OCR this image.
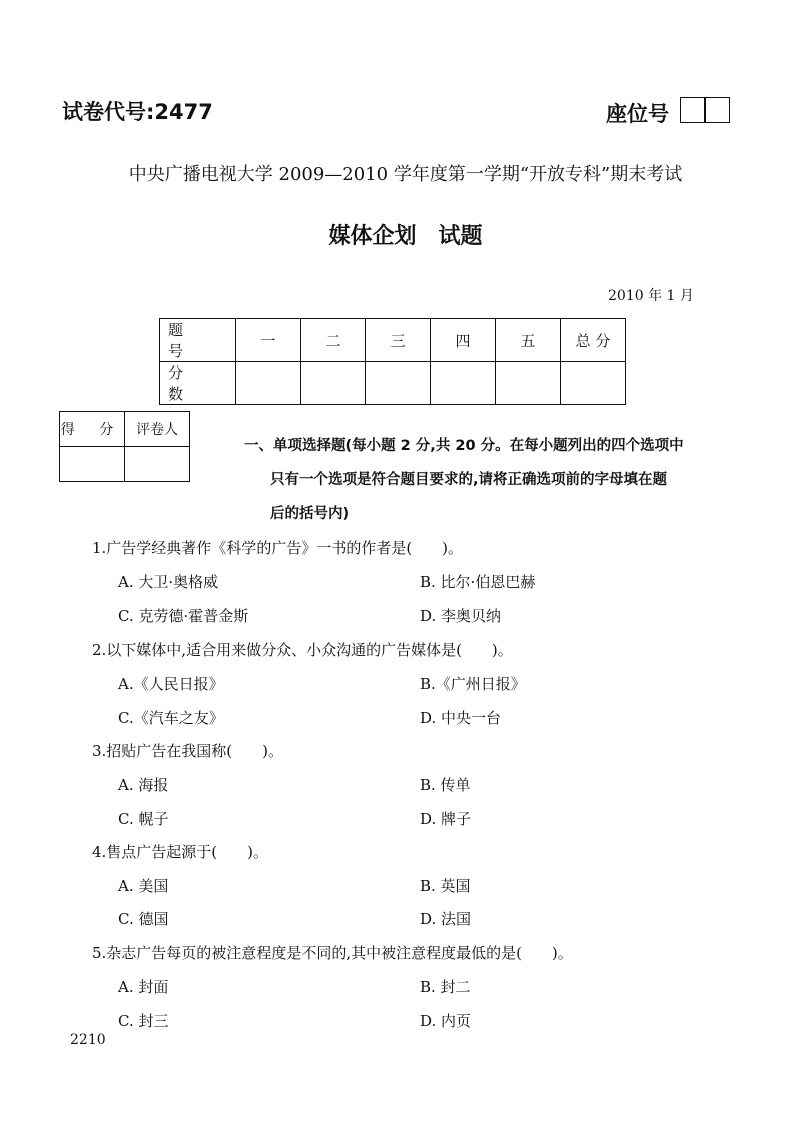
试卷代号:2477	座位号
中央广播电视大学 2009—2010 学年度第一学期“开放专科”期末考试
媒体企划　试题
2010 年 1 月
题 号	一	二	三	四	五	总 分
分 数						
得 分	评卷人

一、单项选择题(每小题 2 分,共 20 分。在每小题列出的四个选项中
只有一个选项是符合题目要求的,请将正确选项前的字母填在题
后的括号内)
1.广告学经典著作《科学的广告》一书的作者是(　　)。
A. 大卫·奥格威	B. 比尔·伯恩巴赫
C. 克劳德·霍普金斯	D. 李奥贝纳
2.以下媒体中,适合用来做分众、小众沟通的广告媒体是(　　)。
A.《人民日报》	B.《广州日报》
C.《汽车之友》	D. 中央一台
3.招贴广告在我国称(　　)。
A. 海报	B. 传单
C. 幌子	D. 牌子
4.售点广告起源于(　　)。
A. 美国	B. 英国
C. 德国	D. 法国
5.杂志广告每页的被注意程度是不同的,其中被注意程度最低的是(　　)。
A. 封面	B. 封二
C. 封三	D. 内页
2210
